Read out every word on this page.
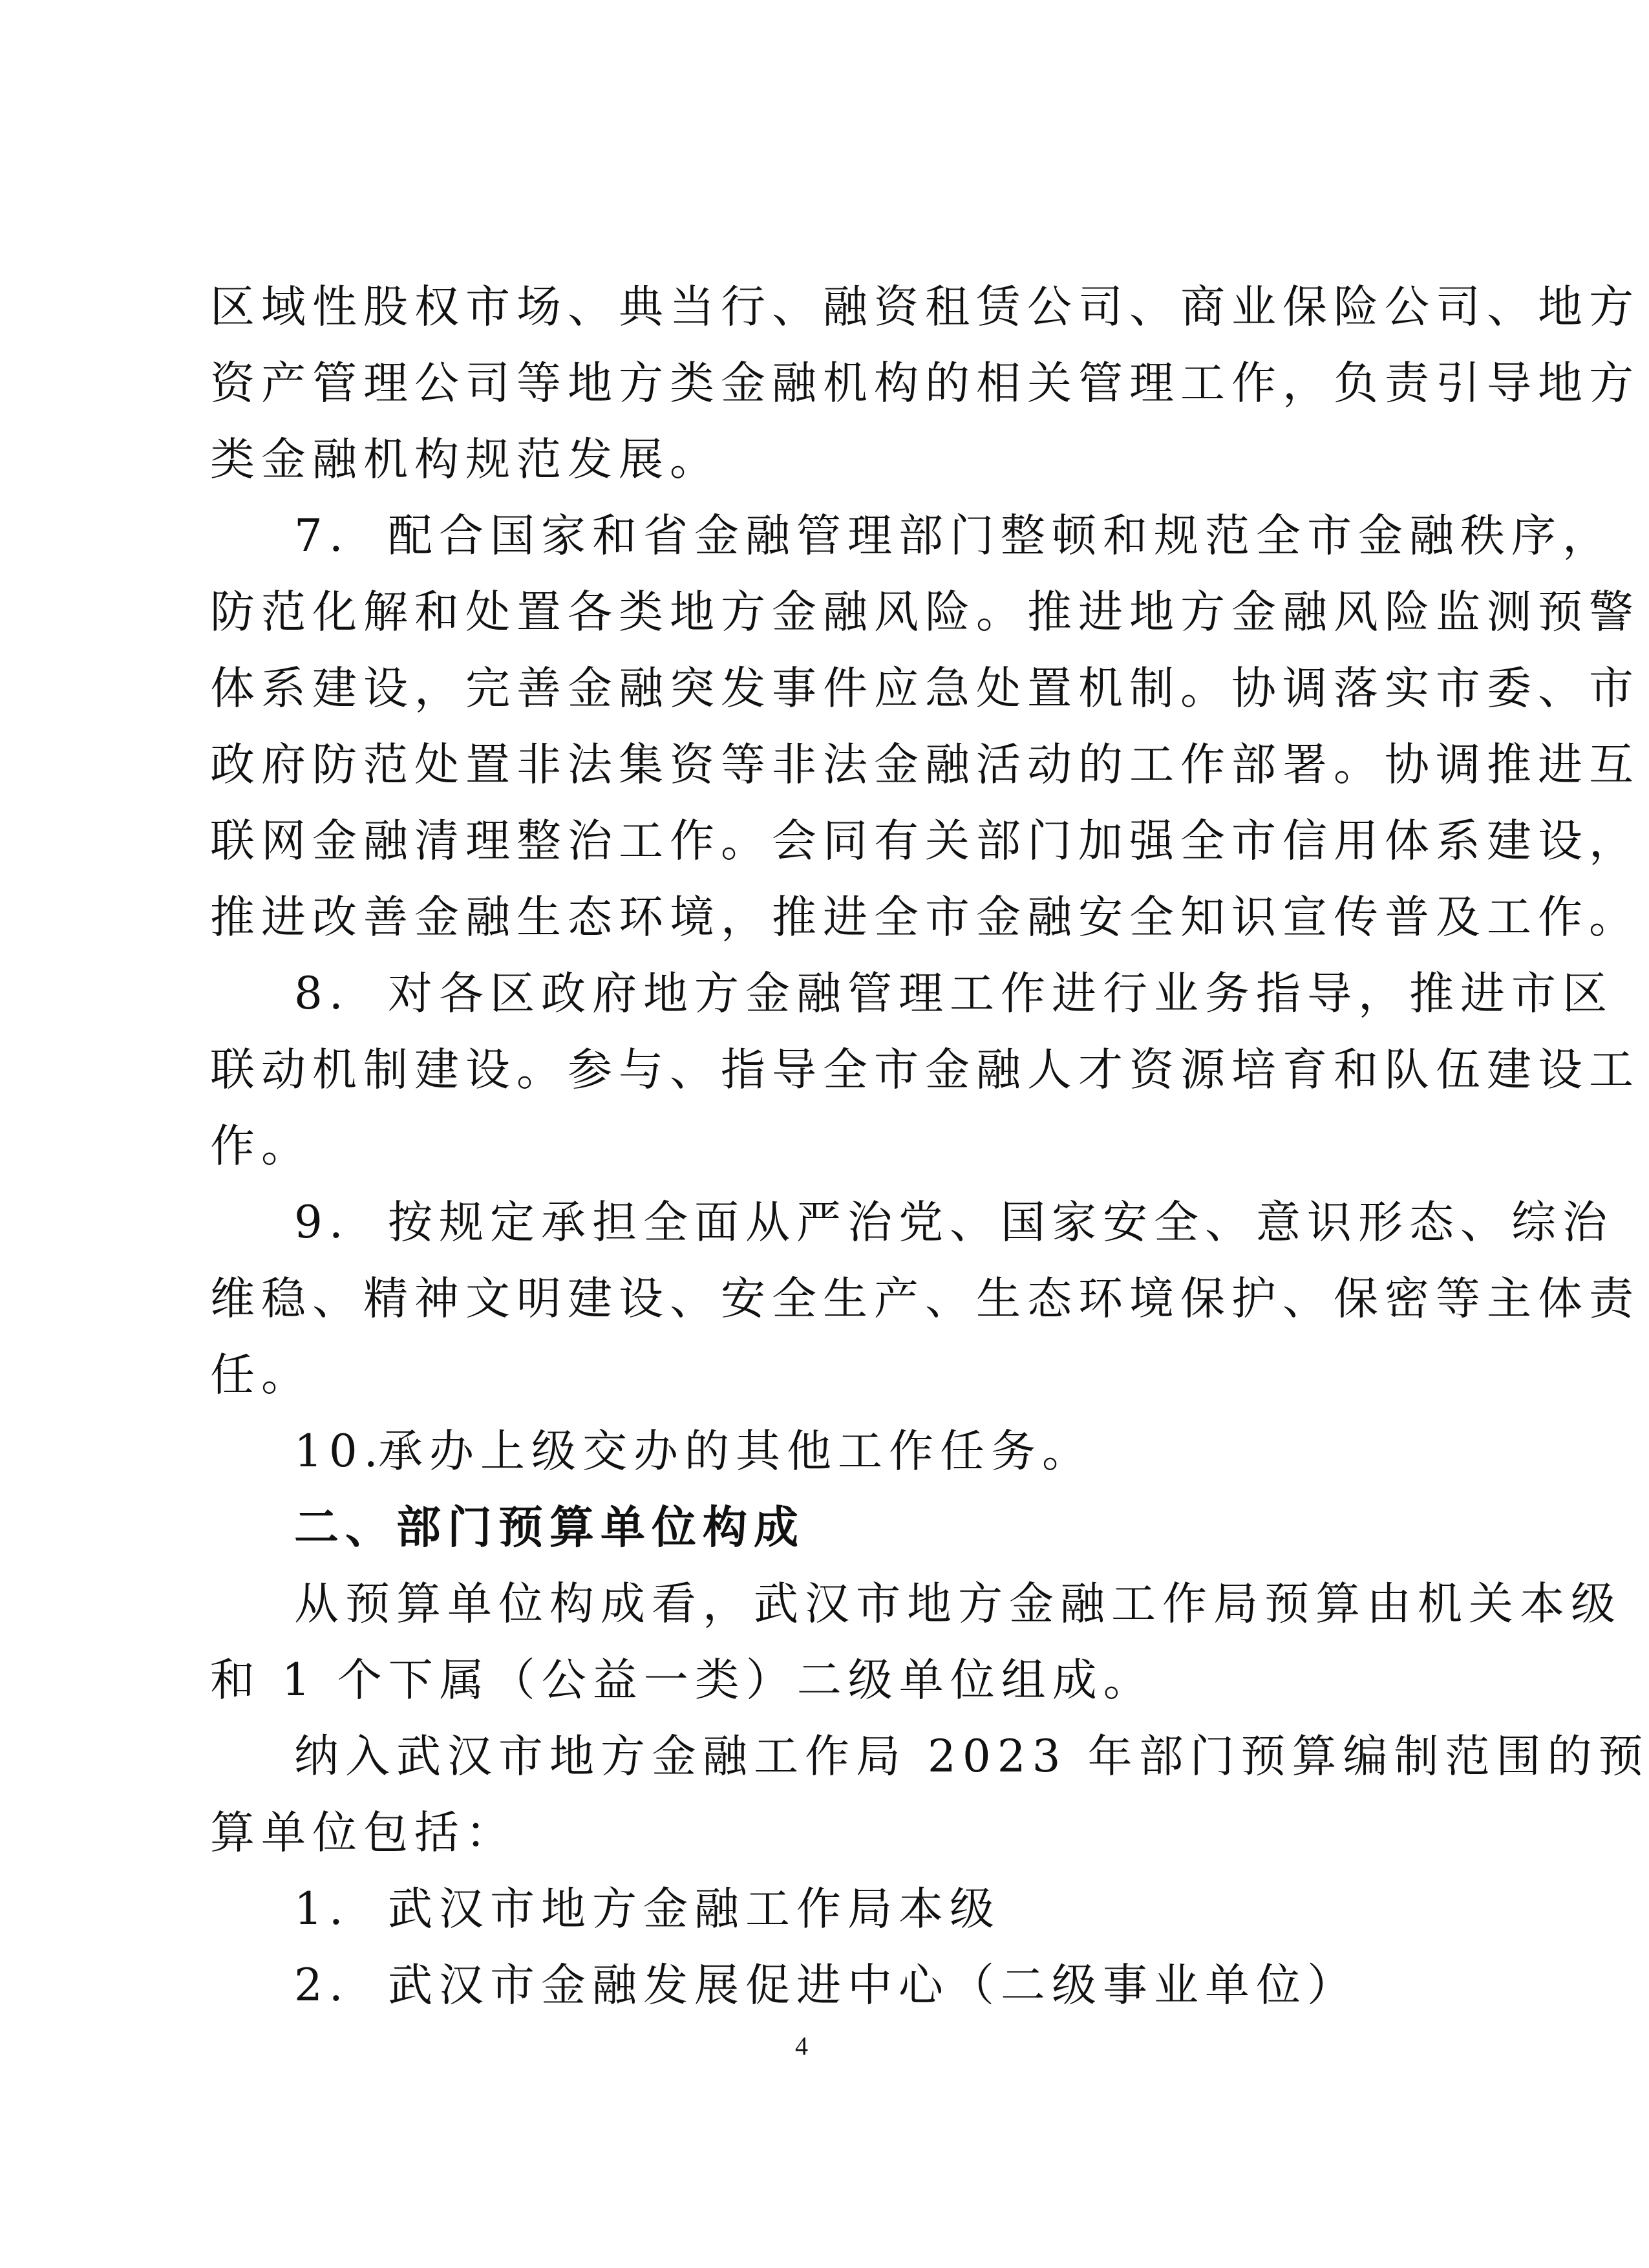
区域性股权市场、典当行、融资租赁公司、商业保险公司、地方
资产管理公司等地方类金融机构的相关管理工作，负责引导地方
类金融机构规范发展。
7. 配合国家和省金融管理部门整顿和规范全市金融秩序，
防范化解和处置各类地方金融风险。推进地方金融风险监测预警
体系建设，完善金融突发事件应急处置机制。协调落实市委、市
政府防范处置非法集资等非法金融活动的工作部署。协调推进互
联网金融清理整治工作。会同有关部门加强全市信用体系建设，
推进改善金融生态环境，推进全市金融安全知识宣传普及工作。
8. 对各区政府地方金融管理工作进行业务指导，推进市区
联动机制建设。参与、指导全市金融人才资源培育和队伍建设工
作。
9. 按规定承担全面从严治党、国家安全、意识形态、综治
维稳、精神文明建设、安全生产、生态环境保护、保密等主体责
任。
10.承办上级交办的其他工作任务。
二、部门预算单位构成
从预算单位构成看，武汉市地方金融工作局预算由机关本级
和 1 个下属（公益一类）二级单位组成。
纳入武汉市地方金融工作局 2023 年部门预算编制范围的预
算单位包括：
1. 武汉市地方金融工作局本级
2. 武汉市金融发展促进中心（二级事业单位）
4
